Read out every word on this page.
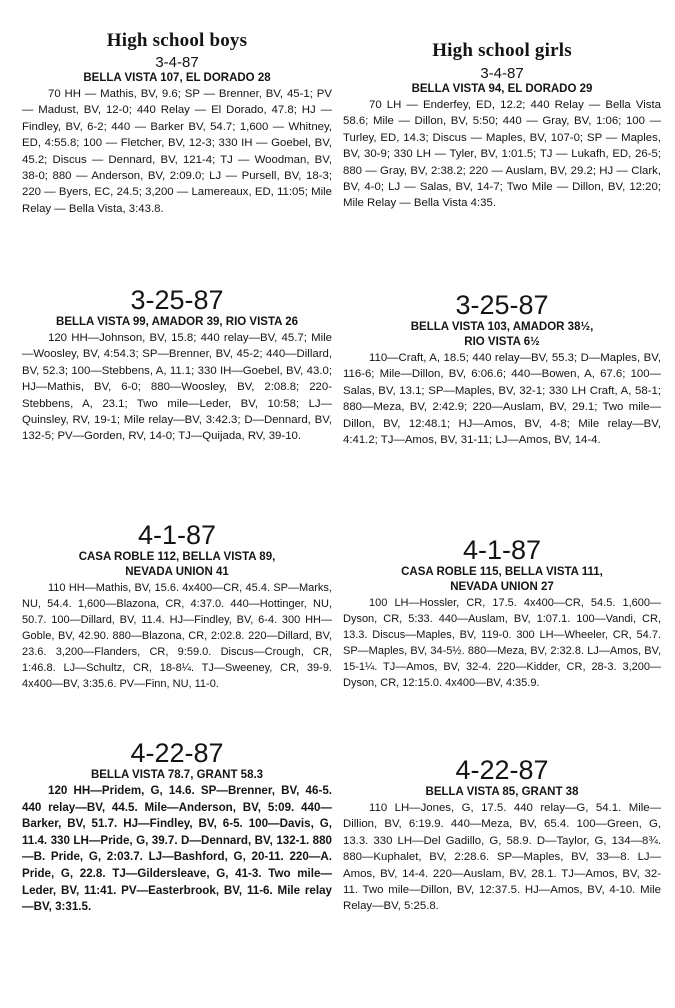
High school boys
3-4-87
BELLA VISTA 107, EL DORADO 28

70 HH — Mathis, BV, 9.6; SP — Brenner, BV, 45-1; PV — Madust, BV, 12-0; 440 Relay — El Dorado, 47.8; HJ — Findley, BV, 6-2; 440 — Barker BV, 54.7; 1,600 — Whitney, ED, 4:55.8; 100 — Fletcher, BV, 12-3; 330 IH — Goebel, BV, 45.2; Discus — Dennard, BV, 121-4; TJ — Woodman, BV, 38-0; 880 — Anderson, BV, 2:09.0; LJ — Pursell, BV, 18-3; 220 — Byers, EC, 24.5; 3,200 — Lamereaux, ED, 11:05; Mile Relay — Bella Vista, 3:43.8.

3-25-87
BELLA VISTA 99, AMADOR 39, RIO VISTA 26

120 HH—Johnson, BV, 15.8; 440 relay—BV, 45.7; Mile—Woosley, BV, 4:54.3; SP—Brenner, BV, 45-2; 440—Dillard, BV, 52.3; 100—Stebbens, A, 11.1; 330 IH—Goebel, BV, 43.0; HJ—Mathis, BV, 6-0; 880—Woosley, BV, 2:08.8; 220-Stebbens, A, 23.1; Two mile—Leder, BV, 10:58; LJ—Quinsley, RV, 19-1; Mile relay—BV, 3:42.3; D—Dennard, BV, 132-5; PV—Gorden, RV, 14-0; TJ—Quijada, RV, 39-10.

4-1-87
CASA ROBLE 112, BELLA VISTA 89,
NEVADA UNION 41

110 HH—Mathis, BV, 15.6. 4x400—CR, 45.4. SP—Marks, NU, 54.4. 1,600—Blazona, CR, 4:37.0. 440—Hottinger, NU, 50.7. 100—Dillard, BV, 11.4. HJ—Findley, BV, 6-4. 300 HH—Goble, BV, 42.90. 880—Blazona, CR, 2:02.8. 220—Dillard, BV, 23.6. 3,200—Flanders, CR, 9:59.0. Discus—Crough, CR, 1:46.8. LJ—Schultz, CR, 18-8¼. TJ—Sweeney, CR, 39-9. 4x400—BV, 3:35.6. PV—Finn, NU, 11-0.

4-22-87
BELLA VISTA 78.7, GRANT 58.3

120 HH—Pridem, G, 14.6. SP—Brenner, BV, 46-5. 440 relay—BV, 44.5. Mile—Anderson, BV, 5:09. 440—Barker, BV, 51.7. HJ—Findley, BV, 6-5. 100—Davis, G, 11.4. 330 LH—Pride, G, 39.7. D—Dennard, BV, 132-1. 880—B. Pride, G, 2:03.7. LJ—Bashford, G, 20-11. 220—A. Pride, G, 22.8. TJ—Gildersleave, G, 41-3. Two mile—Leder, BV, 11:41. PV—Easterbrook, BV, 11-6. Mile relay—BV, 3:31.5.

High school girls
3-4-87
BELLA VISTA 94, EL DORADO 29

70 LH — Enderfey, ED, 12.2; 440 Relay — Bella Vista 58.6; Mile — Dillon, BV, 5:50; 440 — Gray, BV, 1:06; 100 — Turley, ED, 14.3; Discus — Maples, BV, 107-0; SP — Maples, BV, 30-9; 330 LH — Tyler, BV, 1:01.5; TJ — Lukafh, ED, 26-5; 880 — Gray, BV, 2:38.2; 220 — Auslam, BV, 29.2; HJ — Clark, BV, 4-0; LJ — Salas, BV, 14-7; Two Mile — Dillon, BV, 12:20; Mile Relay — Bella Vista 4:35.

3-25-87
BELLA VISTA 103, AMADOR 38½,
RIO VISTA 6½

110—Craft, A, 18.5; 440 relay—BV, 55.3; D—Maples, BV, 116-6; Mile—Dillon, BV, 6:06.6; 440—Bowen, A, 67.6; 100—Salas, BV, 13.1; SP—Maples, BV, 32-1; 330 LH Craft, A, 58-1; 880—Meza, BV, 2:42.9; 220—Auslam, BV, 29.1; Two mile—Dillon, BV, 12:48.1; HJ—Amos, BV, 4-8; Mile relay—BV, 4:41.2; TJ—Amos, BV, 31-11; LJ—Amos, BV, 14-4.

4-1-87
CASA ROBLE 115, BELLA VISTA 111,
NEVADA UNION 27

100 LH—Hossler, CR, 17.5. 4x400—CR, 54.5. 1,600—Dyson, CR, 5:33. 440—Auslam, BV, 1:07.1. 100—Vandi, CR, 13.3. Discus—Maples, BV, 119-0. 300 LH—Wheeler, CR, 54.7. SP—Maples, BV, 34-5½. 880—Meza, BV, 2:32.8. LJ—Amos, BV, 15-1¼. TJ—Amos, BV, 32-4. 220—Kidder, CR, 28-3. 3,200—Dyson, CR, 12:15.0. 4x400—BV, 4:35.9.

4-22-87
BELLA VISTA 85, GRANT 38

110 LH—Jones, G, 17.5. 440 relay—G, 54.1. Mile—Dillion, BV, 6:19.9. 440—Meza, BV, 65.4. 100—Green, G, 13.3. 330 LH—Del Gadillo, G, 58.9. D—Taylor, G, 134—8¾. 880—Kuphalet, BV, 2:28.6. SP—Maples, BV, 33—8. LJ—Amos, BV, 14-4. 220—Auslam, BV, 28.1. TJ—Amos, BV, 32-11. Two mile—Dillon, BV, 12:37.5. HJ—Amos, BV, 4-10. Mile Relay—BV, 5:25.8.
